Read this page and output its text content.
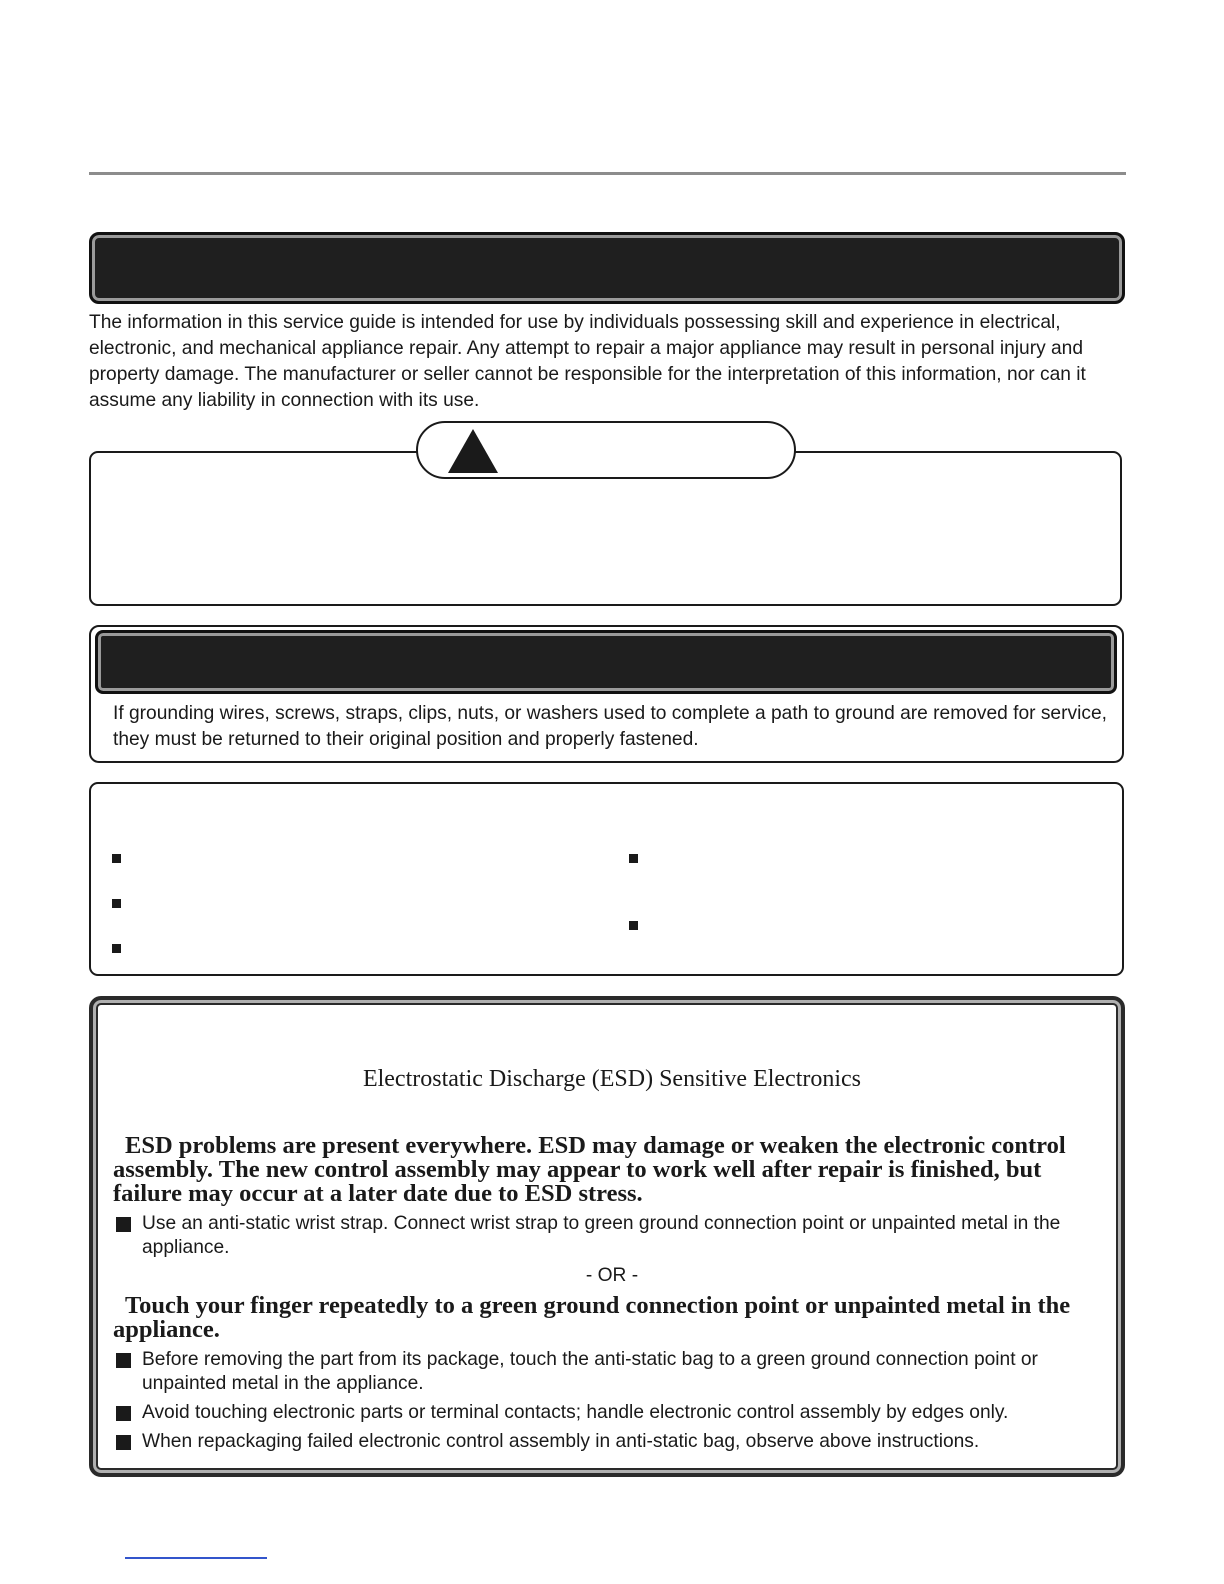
The information in this service guide is intended for use by individuals possessing skill and experience in electrical, electronic, and mechanical appliance repair. Any attempt to repair a major appliance may result in personal injury and property damage. The manufacturer or seller cannot be responsible for the interpretation of this information, nor can it assume any liability in connection with its use.

If grounding wires, screws, straps, clips, nuts, or washers used to complete a path to ground are removed for service, they must be returned to their original position and properly fastened.

Electrostatic Discharge (ESD) Sensitive Electronics

ESD problems are present everywhere. ESD may damage or weaken the electronic control assembly. The new control assembly may appear to work well after repair is finished, but failure may occur at a later date due to ESD stress.

Use an anti-static wrist strap. Connect wrist strap to green ground connection point or unpainted metal in the appliance.

- OR -

Touch your finger repeatedly to a green ground connection point or unpainted metal in the appliance.

Before removing the part from its package, touch the anti-static bag to a green ground connection point or unpainted metal in the appliance.

Avoid touching electronic parts or terminal contacts; handle electronic control assembly by edges only.

When repackaging failed electronic control assembly in anti-static bag, observe above instructions.
